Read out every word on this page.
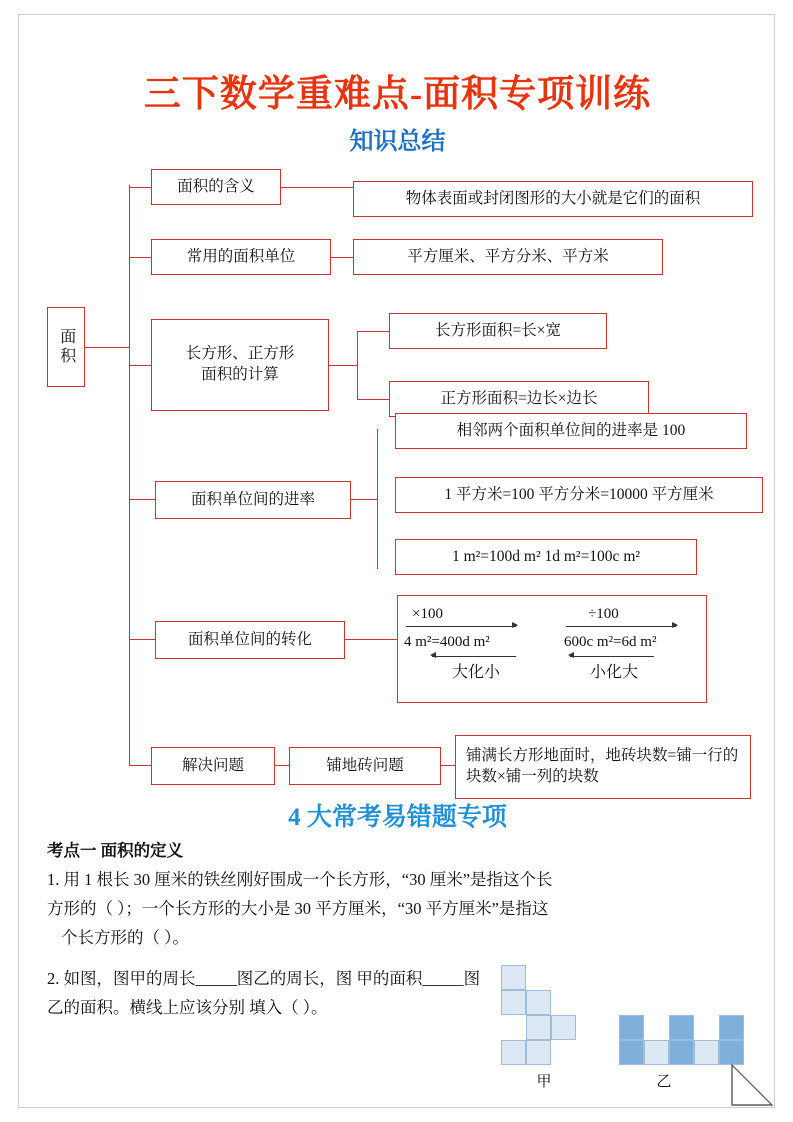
三下数学重难点-面积专项训练
知识总结
面积
面积的含义
物体表面或封闭图形的大小就是它们的面积
常用的面积单位	平方厘米、平方分米、平方米
长方形、正方形
面积的计算
长方形面积=长×宽
正方形面积=边长×边长
面积单位间的进率
相邻两个面积单位间的进率是 100
1 平方米=100 平方分米=10000 平方厘米
1 m²=100d m² 1d m²=100c m²
面积单位间的转化
×100
4 m²=400d m²
大化小
÷100
600c m²=6d m²
小化大
解决问题	铺地砖问题
铺满长方形地面时，地砖块数=铺一行的块数×铺一列的块数
4 大常考易错题专项
考点一 面积的定义
1. 用 1 根长 30 厘米的铁丝刚好围成一个长方形，“30 厘米”是指这个长
方形的（ ）；一个长方形的大小是 30 平方厘米，“30 平方厘米”是指这
个长方形的（ ）。
2. 如图，图甲的周长_____图乙的周长，图 甲的面积_____图乙的面积。横线上应该分别 填入（ ）。
甲	乙
